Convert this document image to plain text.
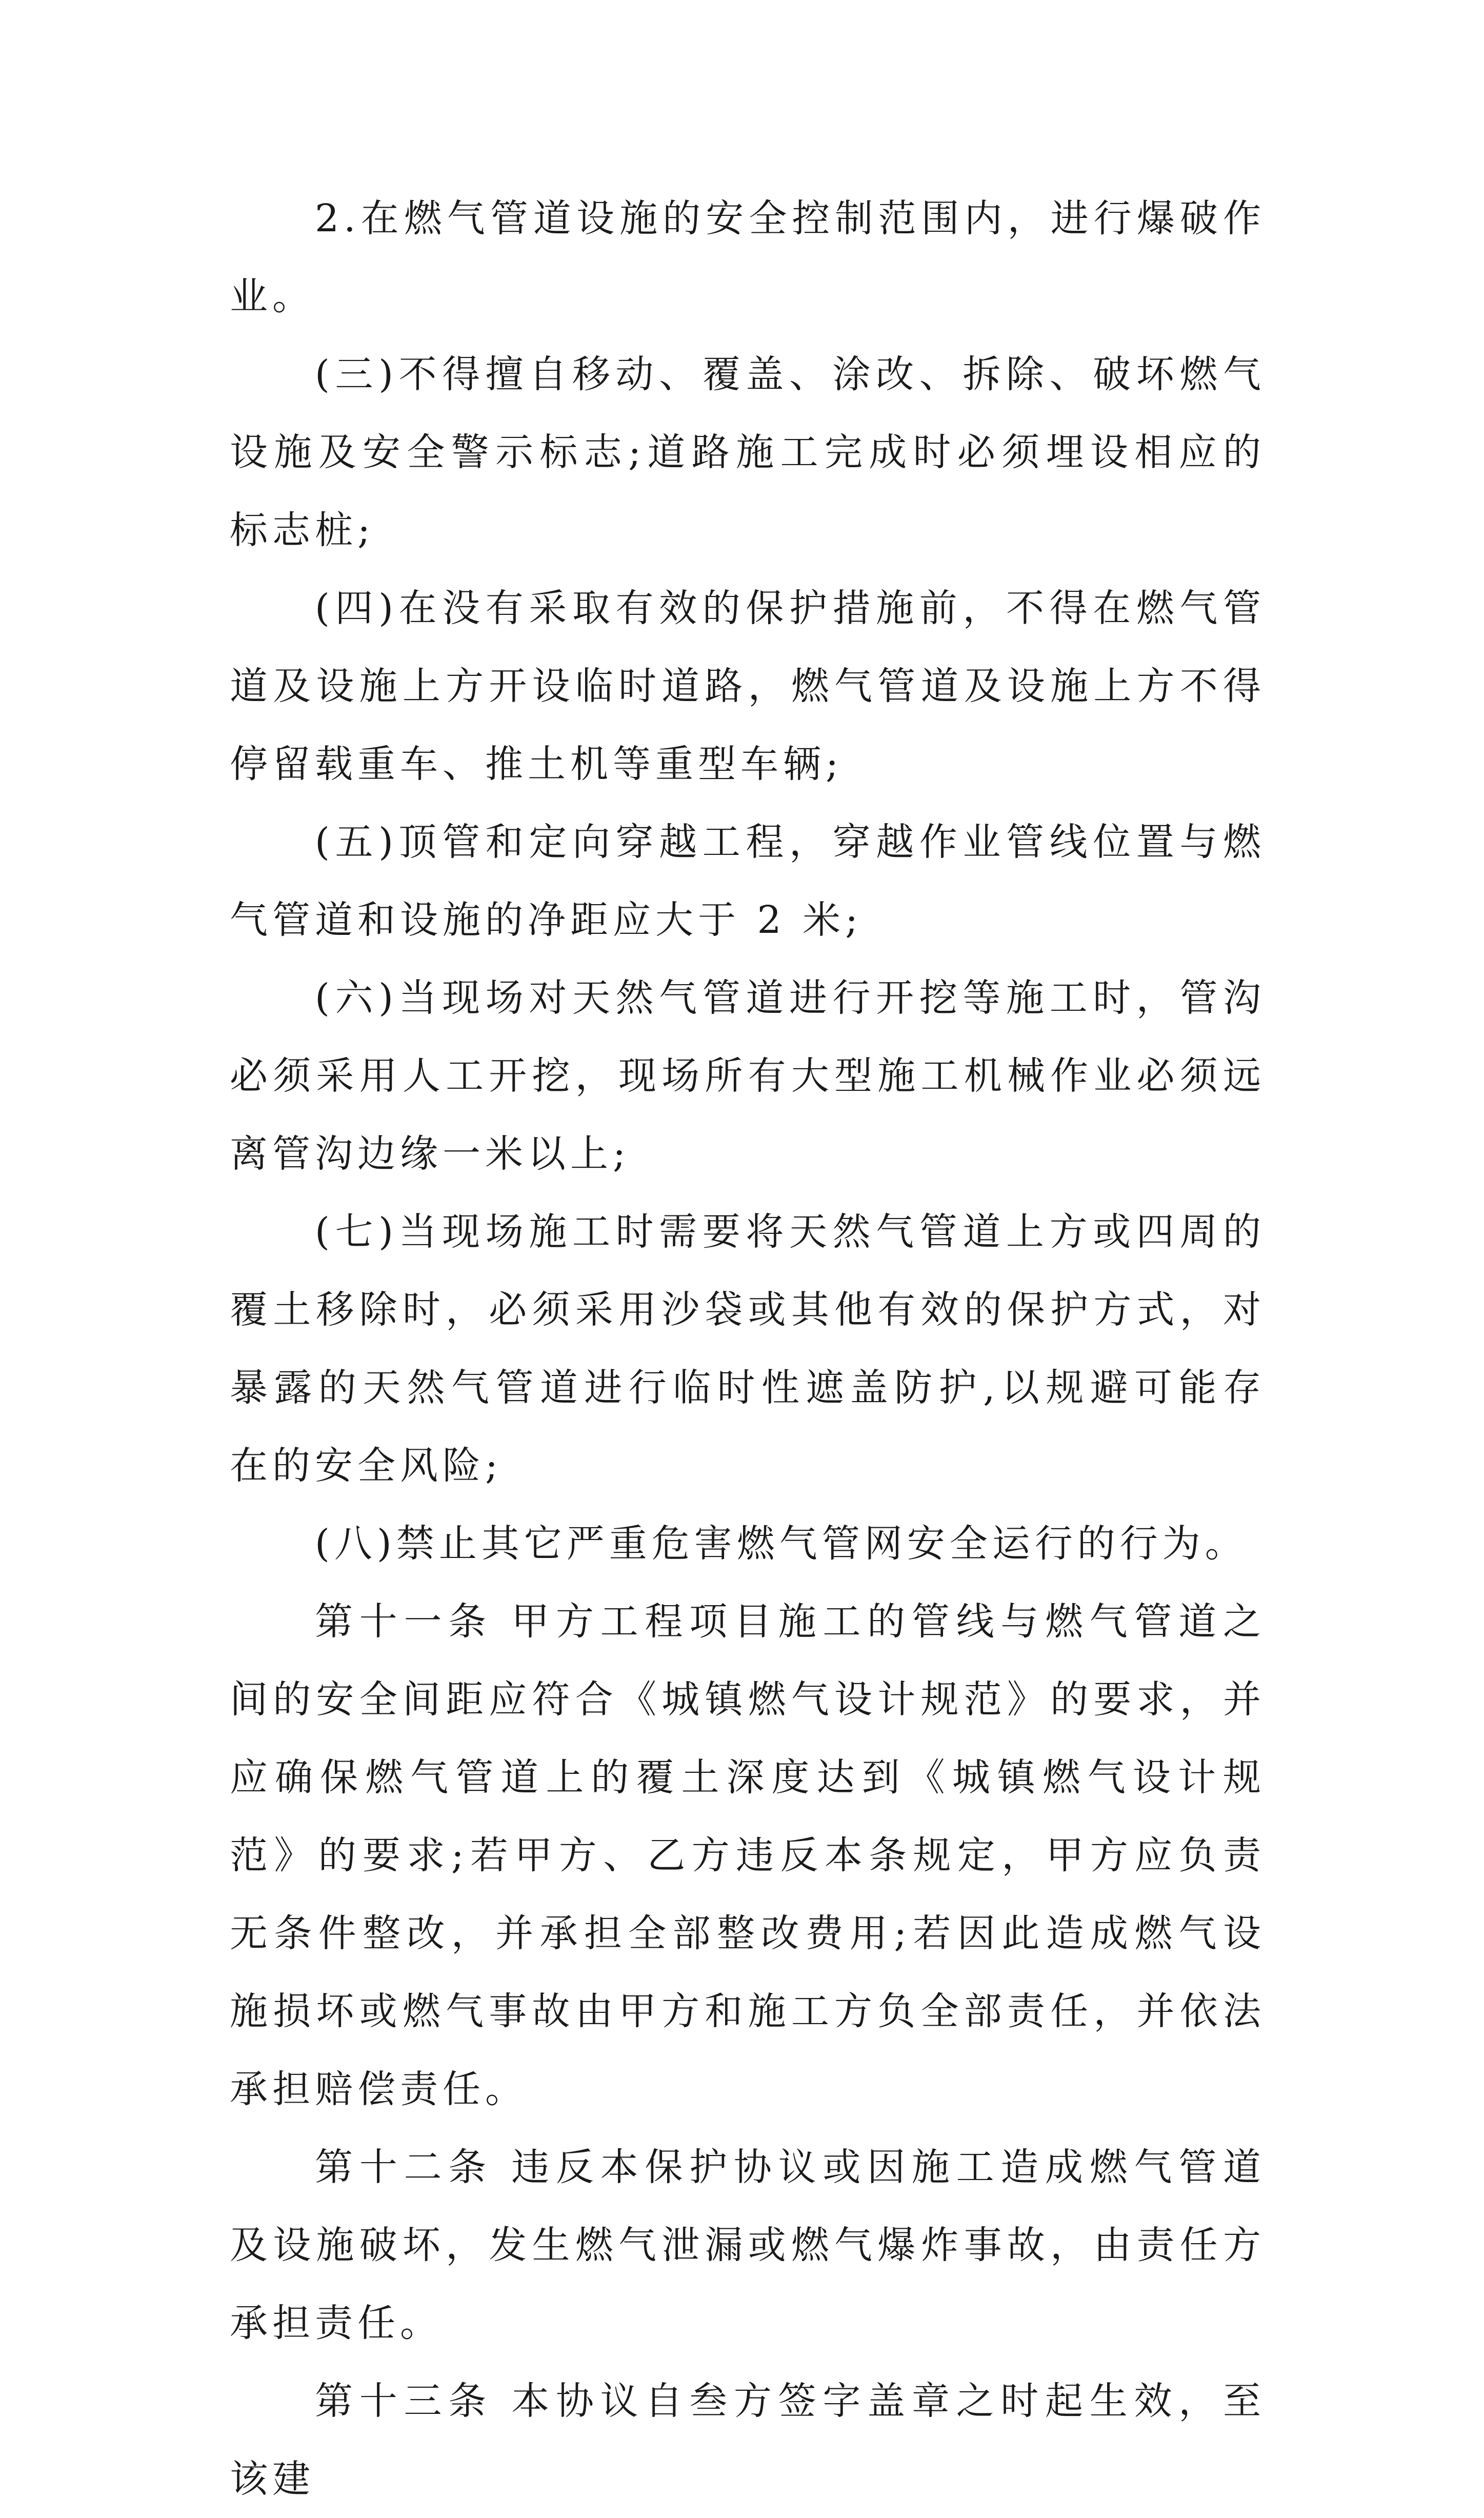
2.在燃气管道设施的安全控制范围内，进行爆破作业。

(三)不得擅自移动、覆盖、涂改、拆除、破坏燃气设施及安全警示标志;道路施工完成时必须埋设相应的标志桩;

(四)在没有采取有效的保护措施前，不得在燃气管道及设施上方开设临时道路，燃气管道及设施上方不得停留载重车、推土机等重型车辆;

(五)顶管和定向穿越工程，穿越作业管线位置与燃气管道和设施的净距应大于 2 米;

(六)当现场对天然气管道进行开挖等施工时，管沟必须采用人工开挖，现场所有大型施工机械作业必须远离管沟边缘一米以上;

(七)当现场施工时需要将天然气管道上方或四周的覆土移除时，必须采用沙袋或其他有效的保护方式，对暴露的天然气管道进行临时性遮盖防护,以规避可能存在的安全风险;

(八)禁止其它严重危害燃气管网安全运行的行为。

第十一条 甲方工程项目施工的管线与燃气管道之间的安全间距应符合《城镇燃气设计规范》的要求，并应确保燃气管道上的覆土深度达到《城镇燃气设计规范》的要求;若甲方、乙方违反本条规定，甲方应负责无条件整改，并承担全部整改费用;若因此造成燃气设施损坏或燃气事故由甲方和施工方负全部责任，并依法承担赔偿责任。

第十二条 违反本保护协议或因施工造成燃气管道及设施破坏，发生燃气泄漏或燃气爆炸事故，由责任方承担责任。

第十三条 本协议自叁方签字盖章之时起生效，至该建
